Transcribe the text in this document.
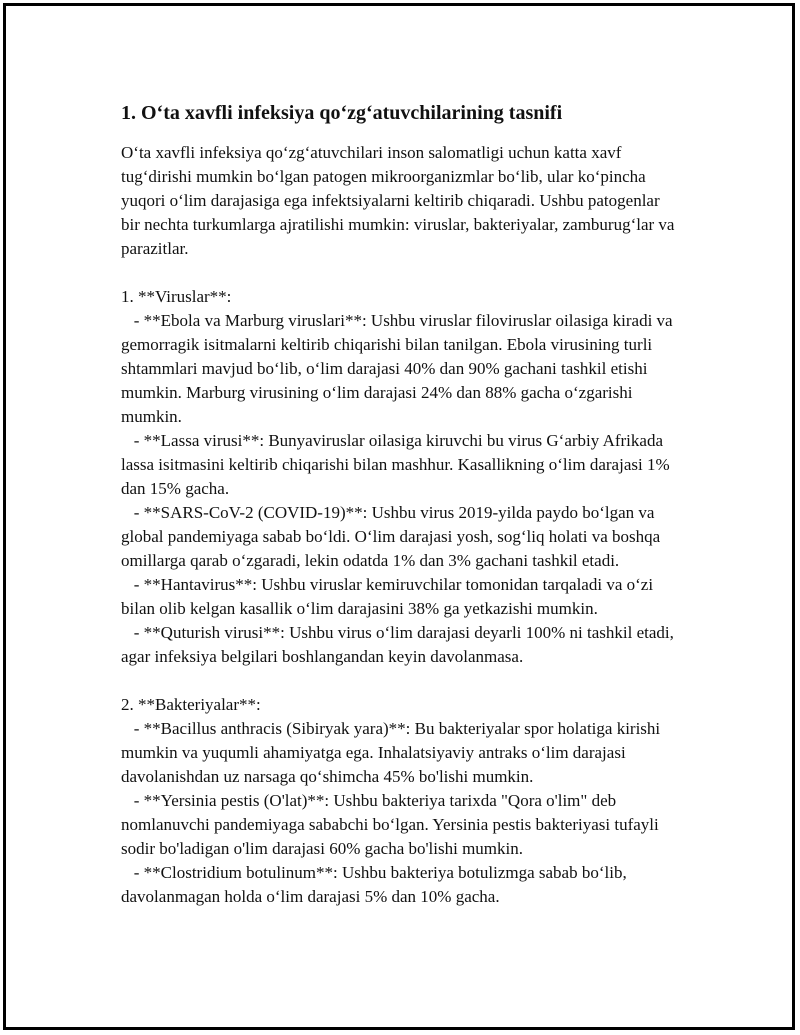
1. O‘ta xavfli infeksiya qo‘zg‘atuvchilarining tasnifi

O‘ta xavfli infeksiya qo‘zg‘atuvchilari inson salomatligi uchun katta xavf tug‘dirishi mumkin bo‘lgan patogen mikroorganizmlar bo‘lib, ular ko‘pincha yuqori o‘lim darajasiga ega infektsiyalarni keltirib chiqaradi. Ushbu patogenlar bir nechta turkumlarga ajratilishi mumkin: viruslar, bakteriyalar, zamburug‘lar va parazitlar.

1. **Viruslar**:

- **Ebola va Marburg viruslari**: Ushbu viruslar filoviruslar oilasiga kiradi va gemorragik isitmalarni keltirib chiqarishi bilan tanilgan. Ebola virusining turli shtammlari mavjud bo‘lib, o‘lim darajasi 40% dan 90% gachani tashkil etishi mumkin. Marburg virusining o‘lim darajasi 24% dan 88% gacha o‘zgarishi mumkin.

- **Lassa virusi**: Bunyaviruslar oilasiga kiruvchi bu virus G‘arbiy Afrikada lassa isitmasini keltirib chiqarishi bilan mashhur. Kasallikning o‘lim darajasi 1% dan 15% gacha.

- **SARS-CoV-2 (COVID-19)**: Ushbu virus 2019-yilda paydo bo‘lgan va global pandemiyaga sabab bo‘ldi. O‘lim darajasi yosh, sog‘liq holati va boshqa omillarga qarab o‘zgaradi, lekin odatda 1% dan 3% gachani tashkil etadi.

- **Hantavirus**: Ushbu viruslar kemiruvchilar tomonidan tarqaladi va o‘zi bilan olib kelgan kasallik o‘lim darajasini 38% ga yetkazishi mumkin.

- **Quturish virusi**: Ushbu virus o‘lim darajasi deyarli 100% ni tashkil etadi, agar infeksiya belgilari boshlangandan keyin davolanmasa.

2. **Bakteriyalar**:

- **Bacillus anthracis (Sibiryak yara)**: Bu bakteriyalar spor holatiga kirishi mumkin va yuqumli ahamiyatga ega. Inhalatsiyaviy antraks o‘lim darajasi davolanishdan uz narsaga qo‘shimcha 45% bo'lishi mumkin.

- **Yersinia pestis (O'lat)**: Ushbu bakteriya tarixda "Qora o'lim" deb nomlanuvchi pandemiyaga sababchi bo‘lgan. Yersinia pestis bakteriyasi tufayli sodir bo'ladigan o'lim darajasi 60% gacha bo'lishi mumkin.

- **Clostridium botulinum**: Ushbu bakteriya botulizmga sabab bo‘lib, davolanmagan holda o‘lim darajasi 5% dan 10% gacha.
